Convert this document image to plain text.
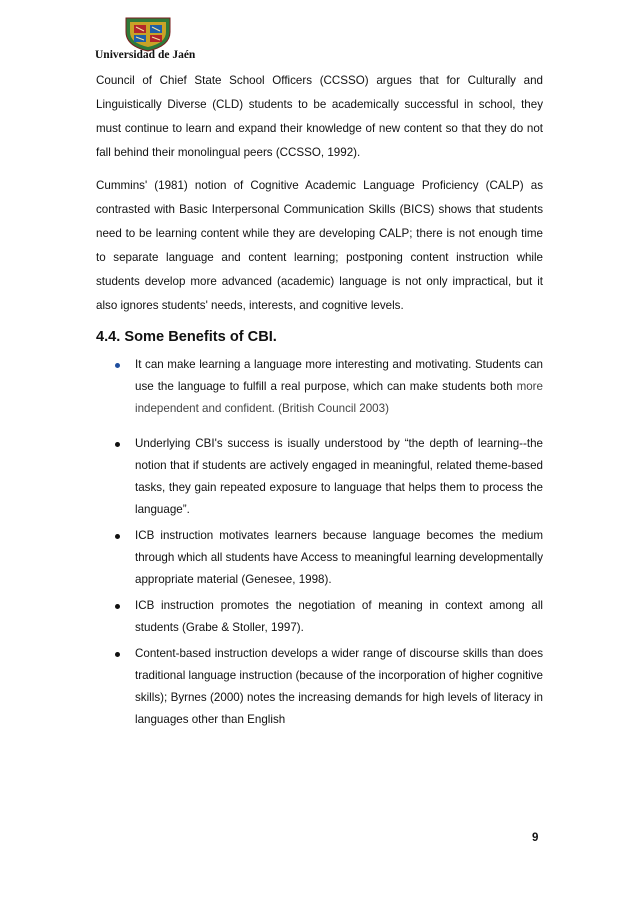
Universidad de Jaén
Council of Chief State School Officers (CCSSO) argues that for Culturally and Linguistically Diverse (CLD) students to be academically successful in school, they must continue to learn and expand their knowledge of new content so that they do not fall behind their monolingual peers (CCSSO, 1992).
Cummins' (1981) notion of Cognitive Academic Language Proficiency (CALP) as contrasted with Basic Interpersonal Communication Skills (BICS) shows that students need to be learning content while they are developing CALP; there is not enough time to separate language and content learning; postponing content instruction while students develop more advanced (academic) language is not only impractical, but it also ignores students' needs, interests, and cognitive levels.
4.4. Some Benefits of CBI.
It can make learning a language more interesting and motivating. Students can use the language to fulfill a real purpose, which can make students both more independent and confident. (British Council 2003)
Underlying CBI's success is isually understood by “the depth of learning--the notion that if students are actively engaged in meaningful, related theme-based tasks, they gain repeated exposure to language that helps them to process the language”.
ICB instruction motivates learners because language becomes the medium through which all students have Access to meaningful learning developmentally appropriate material (Genesee, 1998).
ICB instruction promotes the negotiation of meaning in context among all students (Grabe & Stoller, 1997).
Content-based instruction develops a wider range of discourse skills than does traditional language instruction (because of the incorporation of higher cognitive skills); Byrnes (2000) notes the increasing demands for high levels of literacy in languages other than English
9
